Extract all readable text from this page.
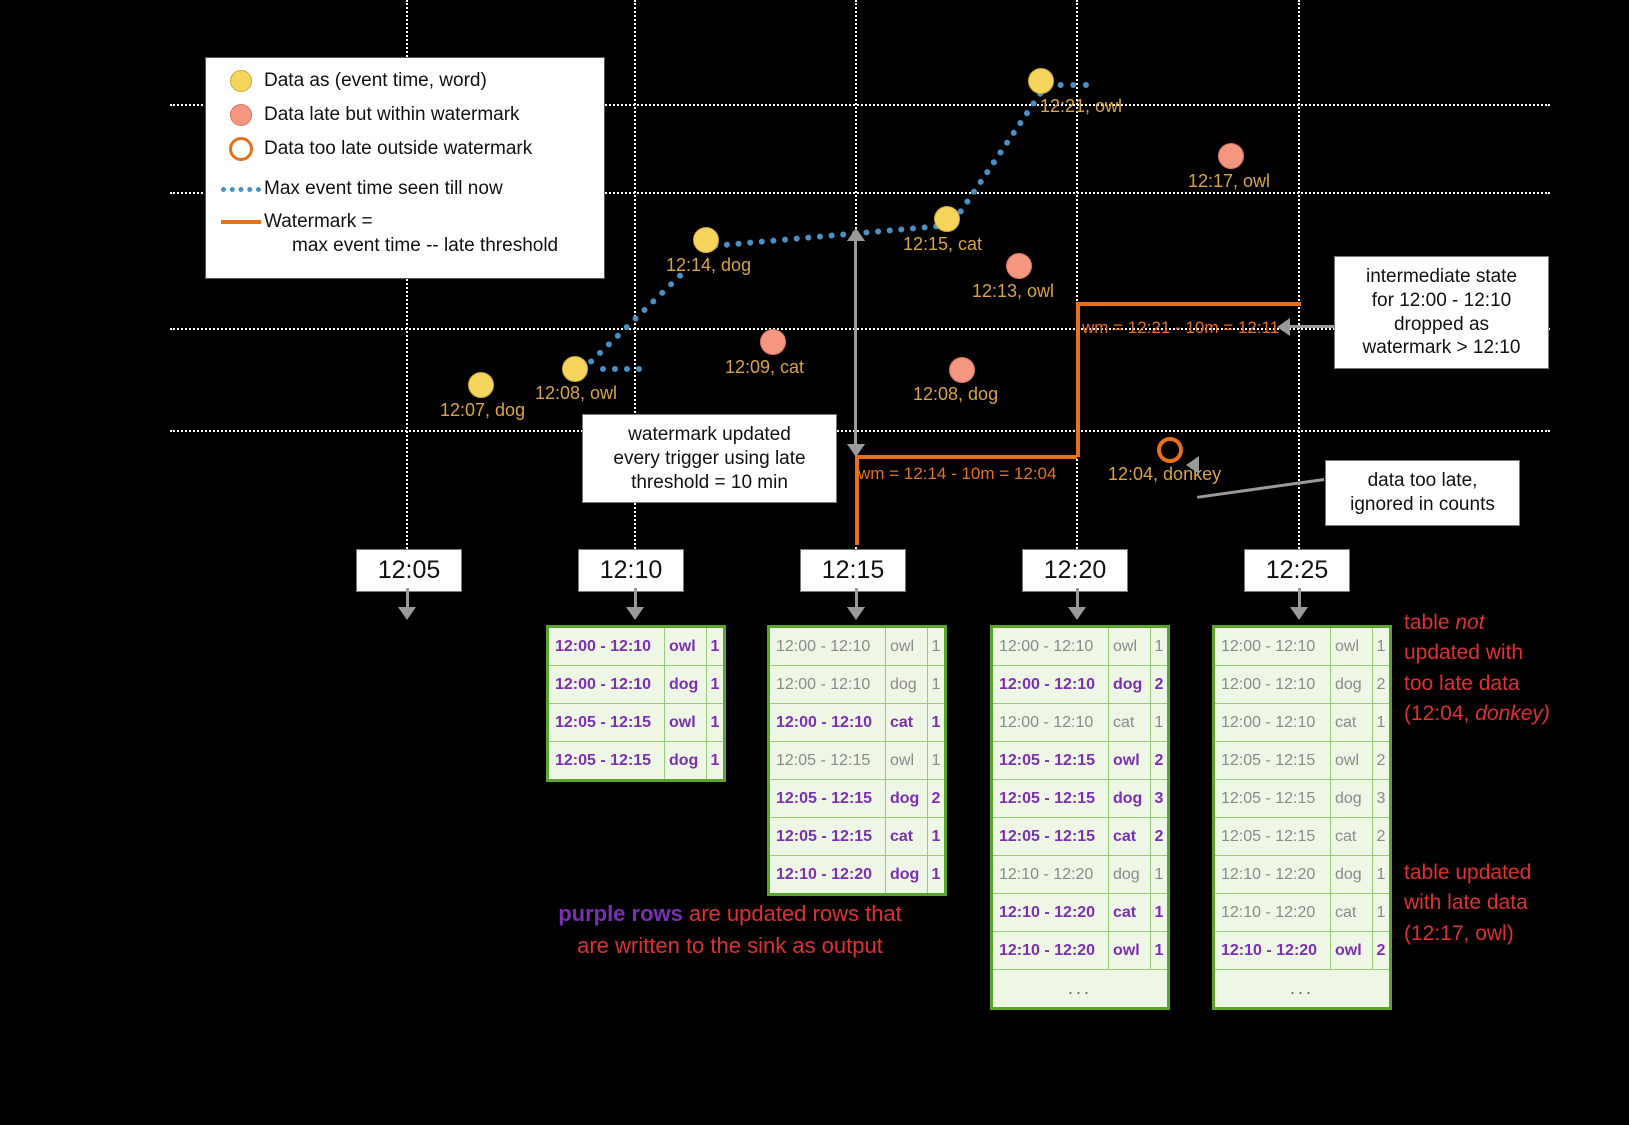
wm = 12:14 - 10m = 12:04
wm = 12:21 - 10m = 12:11
12:07, dog
12:08, owl
12:14, dog
12:09, cat
12:15, cat
12:13, owl
12:08, dog
12:21, owl
12:17, owl
12:04, donkey
Data as (event time, word)
Data late but within watermark
Data too late outside watermark
Max event time seen till now
Watermark =
max event time -- late threshold
watermark updated
every trigger using late
threshold = 10 min
intermediate state
for 12:00 - 12:10
dropped as
watermark > 12:10
data too late,
ignored in counts
12:05	12:10	12:15	12:20	12:25
12:00 - 12:10	owl 1
12:00 - 12:10	dog 1
12:05 - 12:15	owl 1
12:05 - 12:15	dog 1
12:00 - 12:10	owl	1
12:00 - 12:10	dog 1
12:00 - 12:10	cat	1
12:05 - 12:15	owl	1
12:05 - 12:15	dog 2
12:05 - 12:15	cat	1
12:10 - 12:20	dog 1
12:00 - 12:10	owl	1
12:00 - 12:10	dog 2
12:00 - 12:10	cat	1
12:05 - 12:15	owl 2
12:05 - 12:15	dog 3
12:05 - 12:15	cat	2
12:10 - 12:20	dog 1
12:10 - 12:20	cat	1
12:10 - 12:20	owl 1
...
12:00 - 12:10	owl	1
12:00 - 12:10	dog 2
12:00 - 12:10	cat	1
12:05 - 12:15	owl	2
12:05 - 12:15	dog 3
12:05 - 12:15	cat	2
12:10 - 12:20	dog 1
12:10 - 12:20	cat	1
12:10 - 12:20	owl 2
...
table not
updated with
too late data
(12:04, donkey)
table updated
with late data
(12:17, owl)
purple rows are updated rows that
are written to the sink as output
